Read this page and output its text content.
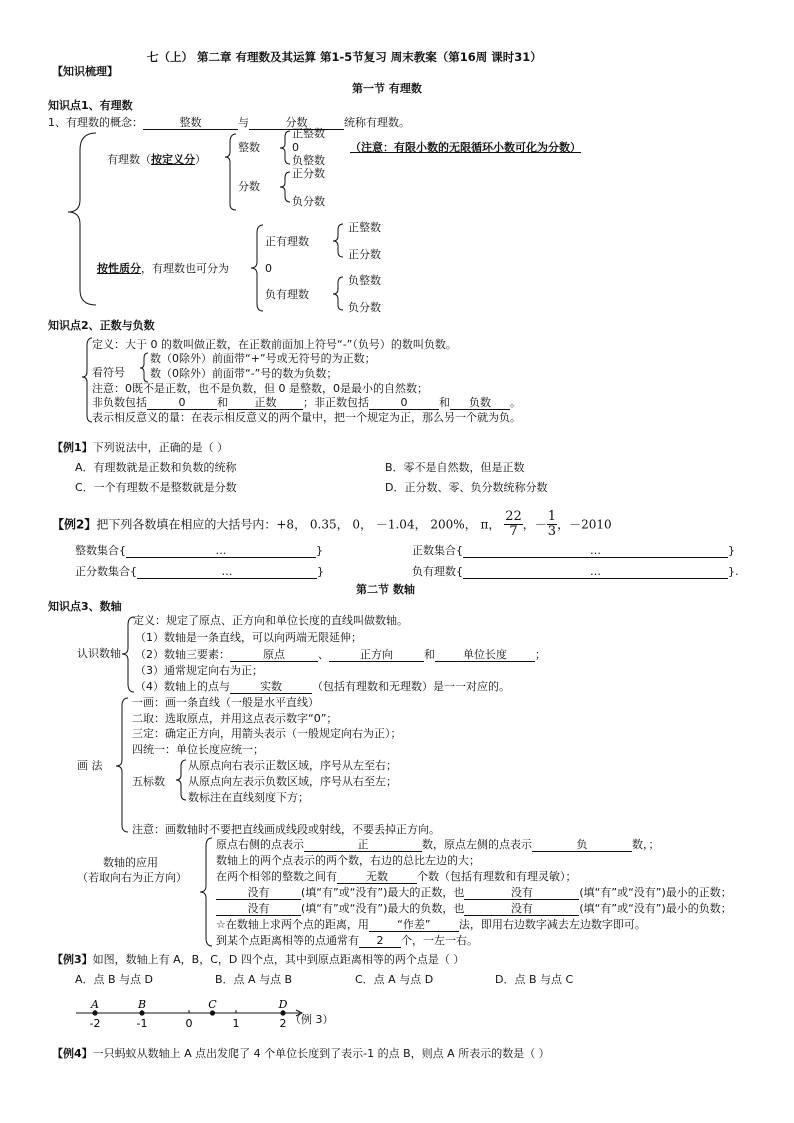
七（上） 第二章 有理数及其运算 第1-5节复习 周末教案（第16周 课时31）
【知识梳理】
第一节 有理数
知识点1、有理数
1、有理数的概念：	整数	与	分数	统称有理数。
有理数（按定义分）
整数
正整数
0
负整数
（注意：有限小数的无限循环小数可化为分数）
分数
正分数
负分数
按性质分，有理数也可分为
正有理数
0
负有理数
正整数
正分数
负整数
负分数
知识点2、正数与负数
定义：大于 0 的数叫做正数，在正数前面加上符号“-”（负号）的数叫负数。
看符号
数（0除外）前面带“+”号或无符号的为正数；
数（0除外）前面带“-”号的数为负数；
注意：0既不是正数，也不是负数，但 0 是整数，0是最小的自然数；
非负数包括	0	和 正数 ；非正数包括	0	和 负数 。
表示相反意义的量：在表示相反意义的两个量中，把一个规定为正，那么另一个就为负。
【例1】下列说法中，正确的是（ ）
A．有理数就是正数和负数的统称	B．零不是自然数，但是正数
C．一个有理数不是整数就是分数	D．正分数、零、负分数统称分数
【例2】把下列各数填在相应的大括号内：+8， 0.35， 0， －1.04， 200%， π， $\frac{22}{7}$ ，－ $\frac{1}{3}$ ，－2010
整数集合{	…	}	正数集合{	…	}
正分数集合{	…	}	负有理数{	…	}.
第二节 数轴
知识点3、数轴
认识数轴
定义：规定了原点、正方向和单位长度的直线叫做数轴。
（1）数轴是一条直线，可以向两端无限延伸；
（2）数轴三要素：	原点	、	正方向	和	单位长度	；
（3）通常规定向右为正；
（4）数轴上的点与	实数	（包括有理数和无理数）是一一对应的。
画 法
一画：画一条直线（一般是水平直线）
二取：选取原点，并用这点表示数字“0”；
三定：确定正方向，用箭头表示（一般规定向右为正）；
四统一：单位长度应统一；
五标数
从原点向右表示正数区域，序号从左至右；
从原点向左表示负数区域，序号从右至左；
数标注在直线刻度下方；
注意：画数轴时不要把直线画成线段或射线，不要丢掉正方向。
数轴的应用
（若取向右为正方向）
原点右侧的点表示	正	数，原点左侧的点表示	负	数，；
数轴上的两个点表示的两个数，右边的总比左边的大；
在两个相邻的整数之间有	无数	个数（包括有理数和有理灵敏）；
没有	(填“有”或“没有”)最大的正数，也	没有	(填“有”或“没有”)最小的正数；
没有	(填“有”或“没有”)最大的负数，也	没有	(填“有”或“没有”)最小的负数；
☆在数轴上求两个点的距离，用	“作差”	法，即用右边数字减去左边数字即可。
到某个点距离相等的点通常有 2 个，一左一右。
【例3】如图，数轴上有 A，B，C，D 四个点，其中到原点距离相等的两个点是（ ）
A．点 B 与点 D	B．点 A 与点 B	C．点 A 与点 D	D．点 B 与点 C
-2	-1	0	1	2
A	B	C	D
（例 3）
【例4】一只蚂蚁从数轴上 A 点出发爬了 4 个单位长度到了表示-1 的点 B，则点 A 所表示的数是（ ）
